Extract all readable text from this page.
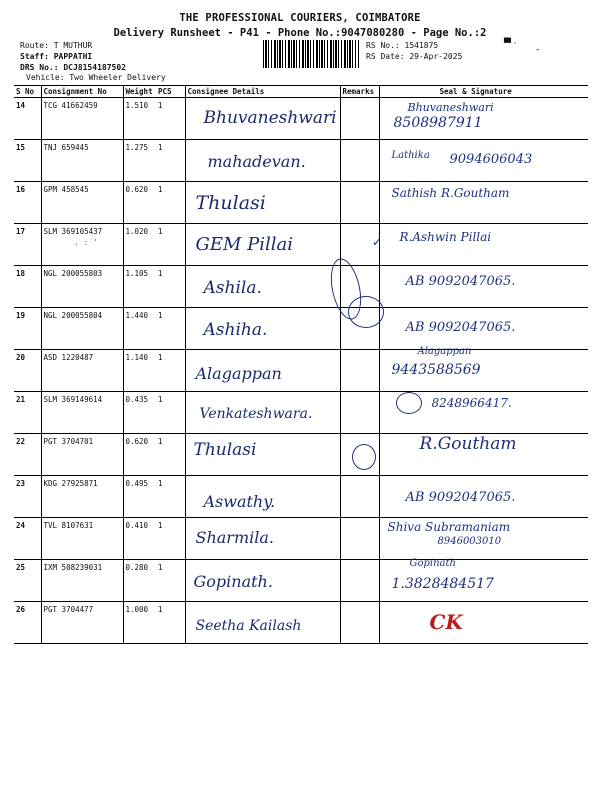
THE PROFESSIONAL COURIERS, COIMBATORE
Delivery Runsheet - P41 - Phone No.:9047080280 - Page No.:2
Route: T MUTHUR
Staff: PAPPATHI
DRS No.: DCJ8154187502
Vehicle: Two Wheeler Delivery
RS No.: 1541875
RS Date: 29-Apr-2025
▀ ·
-
S No	Consignment No	Weight	PCS	Consignee Details	Remarks	Seal & Signature
14	TCG 41662459	1.510	1	Bhuvaneshwari		Bhuvaneshwari
8508987911

15	TNJ 659445	1.275	1	mahadevan.		Lathika 9094606043

16	GPM 458545	0.620	1	Thulasi		Sathish R.Goutham

17	SLM 369105437	1.020	1	GEM Pillai		R.Ashwin Pillai

18	NGL 200055803	1.105	1	Ashila.		AB 9092047065.

19	NGL 200055804	1.440	1	Ashiha.		AB 9092047065.

20	ASD 1220487	1.140	1	Alagappan		Alagappan
9443588569

21	SLM 369149614	0.435	1	Venkateshwara.		8248966417.

22	PGT 3704701	0.620	1	Thulasi		R.Goutham

23	KDG 27925871	0.495	1	Aswathy.		AB 9092047065.

24	TVL 8107631	0.410	1	Sharmila.		Shiva Subramaniam
8946003010

25	IXM 508239031	0.280	1	Gopinath.		Gopinath
1.3828484517

26	PGT 3704477	1.000	1	Seetha Kailash		CK
✓
. : '
